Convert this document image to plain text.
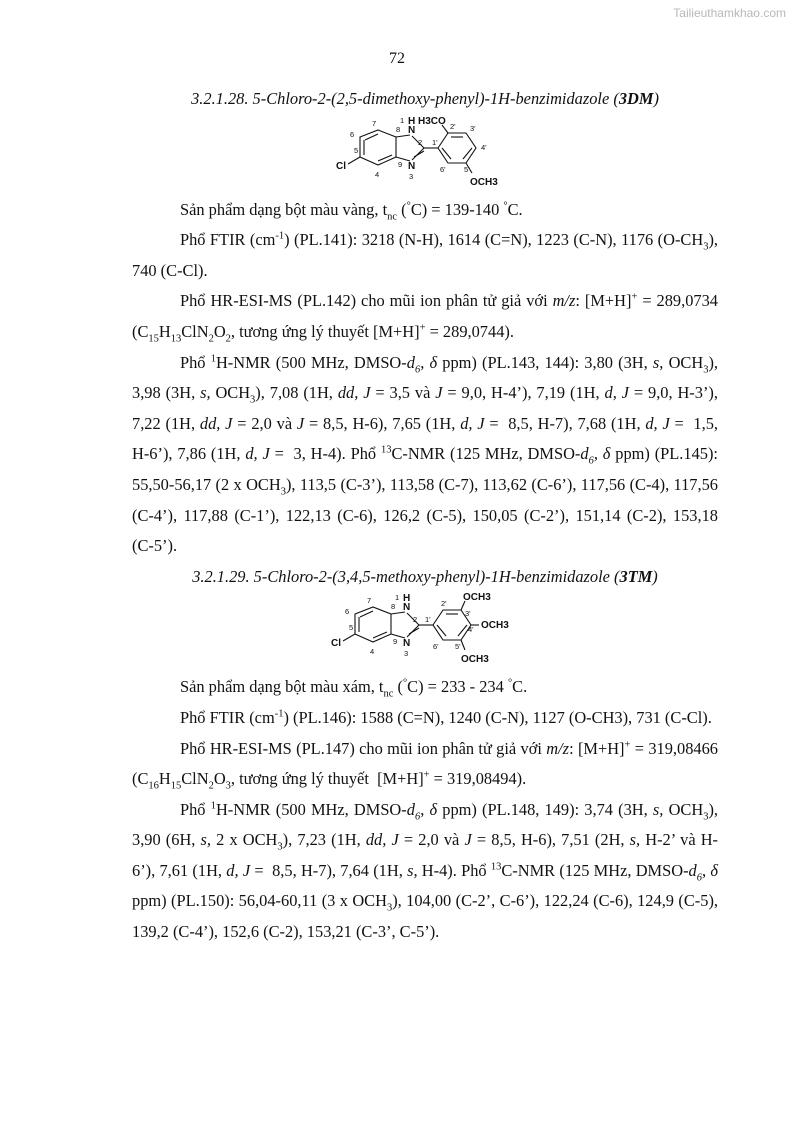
Tailieuthamkhao.com
72

3.2.1.28. 5-Chloro-2-(2,5-dimethoxy-phenyl)-1H-benzimidazole (3DM)

Cl
N
H
N
H3CO
OCH3
1
2
3
4
5
6
7
8
9
1'
2' 3'
4'
5'
6'

Sản phẩm dạng bột màu vàng, $t_{nc}$ (°C) = 139-140 °C.

Phổ FTIR $(cm^{-1})$ (PL.141): 3218 (N-H), 1614 (C=N), 1223 (C-N), 1176 $(O-CH_3)$, 740 (C-Cl).

Phổ HR-ESI-MS (PL.142) cho mũi ion phân tử giả với m/z: [M+H]+ = 289,0734 ($C_{15}H_{13}ClN_2O_2$, tương ứng lý thuyết [M+H]+ = 289,0744).

Phổ $^1$H-NMR (500 MHz, DMSO-$d_6$, δ ppm) (PL.143, 144): 3,80 (3H, s, $OCH_3$), 3,98 (3H, s, $OCH_3$), 7,08 (1H, dd, J = 3,5 và J = 9,0, H-4’), 7,19 (1H, d, J = 9,0, H-3’), 7,22 (1H, dd, J = 2,0 và J = 8,5, H-6), 7,65 (1H, d, J =  8,5, H-7), 7,68 (1H, d, J =  1,5, H-6’), 7,86 (1H, d, J =  3, H-4). Phổ $^{13}$C-NMR (125 MHz, DMSO-$d_6$, δ ppm) (PL.145): 55,50-56,17 (2 x $OCH_3$), 113,5 (C-3’), 113,58 (C-7), 113,62 (C-6’), 117,56 (C-4), 117,56 (C-4’), 117,88 (C-1’), 122,13 (C-6), 126,2 (C-5), 150,05 (C-2’), 151,14 (C-2), 153,18 (C-5’).

3.2.1.29. 5-Chloro-2-(3,4,5-methoxy-phenyl)-1H-benzimidazole (3TM)

Cl
N
H
N
OCH3
OCH3
OCH3
1
2
3
4
5
6
7
8
9
1'
2'
3'
4'
5'
6'

Sản phẩm dạng bột màu xám, $t_{nc}$ (°C) = 233 - 234 °C.

Phổ FTIR $(cm^{-1})$ (PL.146): 1588 (C=N), 1240 (C-N), 1127 (O-CH3), 731 (C-Cl).

Phổ HR-ESI-MS (PL.147) cho mũi ion phân tử giả với m/z: [M+H]+ = 319,08466 ($C_{16}H_{15}ClN_2O_3$, tương ứng lý thuyết  [M+H]+ = 319,08494).

Phổ $^1$H-NMR (500 MHz, DMSO-$d_6$, δ ppm) (PL.148, 149): 3,74 (3H, s, $OCH_3$), 3,90 (6H, s, 2 x $OCH_3$), 7,23 (1H, dd, J = 2,0 và J = 8,5, H-6), 7,51 (2H, s, H-2’ và H-6’), 7,61 (1H, d, J =  8,5, H-7), 7,64 (1H, s, H-4). Phổ $^{13}$C-NMR (125 MHz, DMSO-$d_6$, δ ppm) (PL.150): 56,04-60,11 (3 x $OCH_3$), 104,00 (C-2’, C-6’), 122,24 (C-6), 124,9 (C-5), 139,2 (C-4’), 152,6 (C-2), 153,21 (C-3’, C-5’).
